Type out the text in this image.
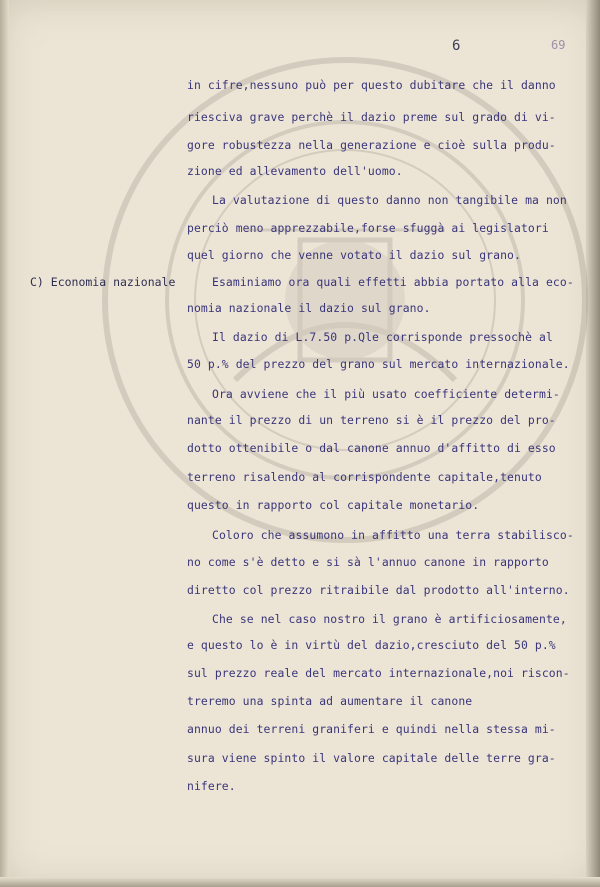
6	69
C) Economia nazionale
in cifre,nessuno può per questo dubitare che il danno
riesciva grave perchè il dazio preme sul grado di vi-
gore robustezza nella generazione e cioè sulla produ-
zione ed allevamento dell'uomo.
La valutazione di questo danno non tangibile ma non
perciò meno apprezzabile,forse sfuggà ai legislatori
quel giorno che venne votato il dazio sul grano.
Esaminiamo ora quali effetti abbia portato alla eco-
nomia nazionale il dazio sul grano.
Il dazio di L.7.50 p.Qle corrisponde pressochè al
50 p.% del prezzo del grano sul mercato internazionale.
Ora avviene che il più usato coefficiente determi-
nante il prezzo di un terreno si è il prezzo del pro-
dotto ottenibile o dal canone annuo d'affitto di esso
terreno risalendo al corrispondente capitale,tenuto
questo in rapporto col capitale monetario.
Coloro che assumono in affitto una terra stabilisco-
no come s'è detto e si sà l'annuo canone in rapporto
diretto col prezzo ritraibile dal prodotto all'interno.
Che se nel caso nostro il grano è artificiosamente,
e questo lo è in virtù del dazio,cresciuto del 50 p.%
sul prezzo reale del mercato internazionale,noi riscon-
treremo una spinta ad aumentare il canone
annuo dei terreni graniferi e quindi nella stessa mi-
sura viene spinto il valore capitale delle terre gra-
nifere.
